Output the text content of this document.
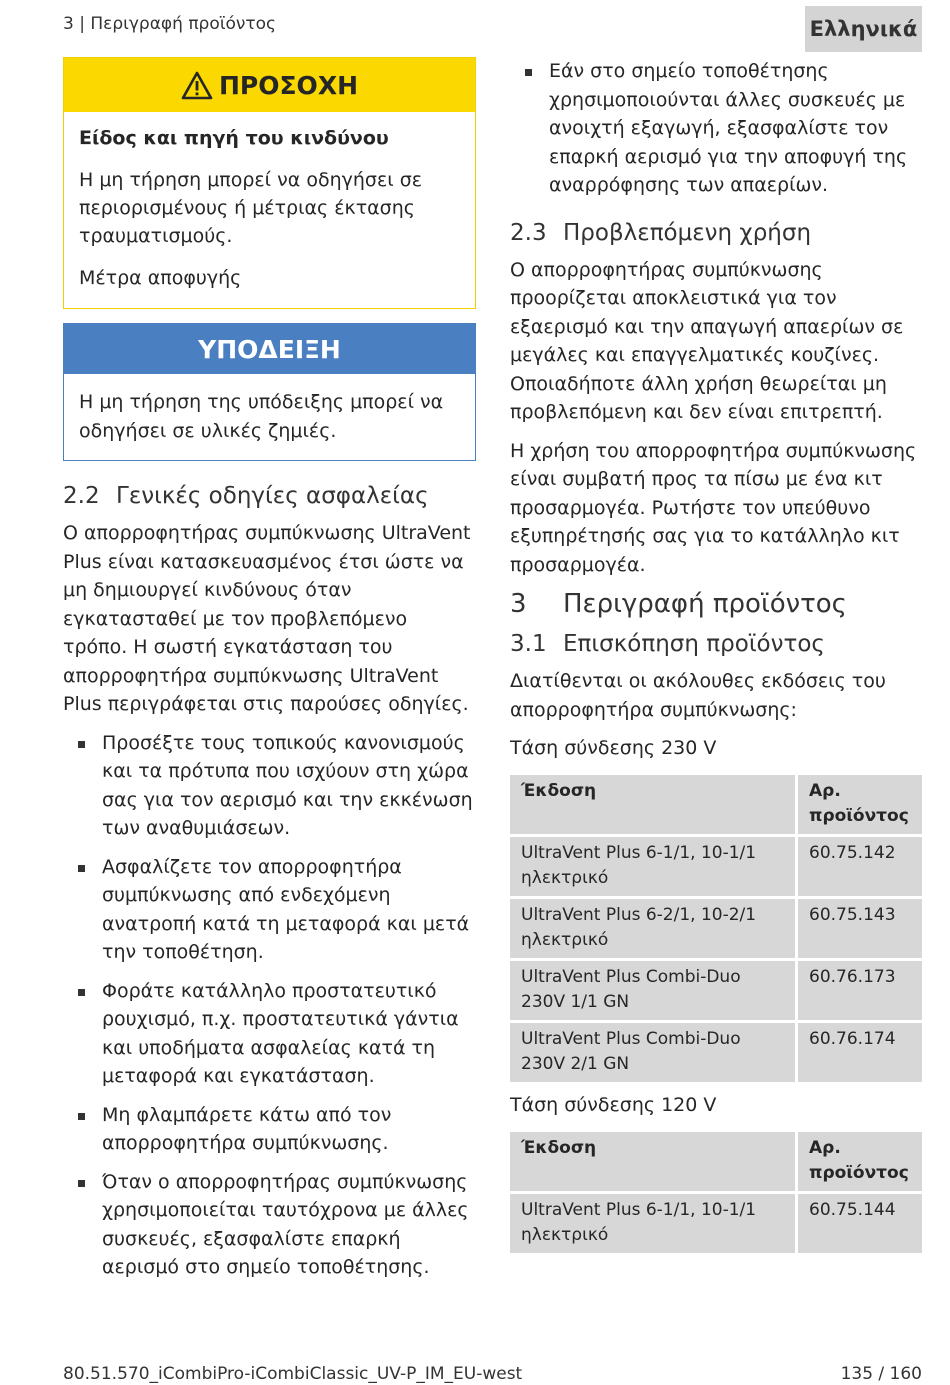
3 | Περιγραφή προϊόντος	Ελληνικά
ΠΡΟΣΟΧΗ

Είδος και πηγή του κινδύνου

Η μη τήρηση μπορεί να οδηγήσει σε περιορισμένους ή μέτριας έκτασης τραυματισμούς.

Μέτρα αποφυγής

ΥΠΟΔΕΙΞΗ
Η μη τήρηση της υπόδειξης μπορεί να οδηγήσει σε υλικές ζημιές.
2.2 Γενικές οδηγίες ασφαλείας

Ο απορροφητήρας συμπύκνωσης UltraVent Plus είναι κατασκευασμένος έτσι ώστε να μη δημιουργεί κινδύνους όταν εγκατασταθεί με τον προβλεπόμενο τρόπο. Η σωστή εγκατάσταση του απορροφητήρα συμπύκνωσης UltraVent Plus περιγράφεται στις παρούσες οδηγίες.

Προσέξτε τους τοπικούς κανονισμούς και τα πρότυπα που ισχύουν στη χώρα σας για τον αερισμό και την εκκένωση των αναθυμιάσεων.
Ασφαλίζετε τον απορροφητήρα συμπύκνωσης από ενδεχόμενη ανατροπή κατά τη μεταφορά και μετά την τοποθέτηση.
Φοράτε κατάλληλο προστατευτικό ρουχισμό, π.χ. προστατευτικά γάντια και υποδήματα ασφαλείας κατά τη μεταφορά και εγκατάσταση.
Μη φλαμπάρετε κάτω από τον απορροφητήρα συμπύκνωσης.
Όταν ο απορροφητήρας συμπύκνωσης χρησιμοποιείται ταυτόχρονα με άλλες συσκευές, εξασφαλίστε επαρκή αερισμό στο σημείο τοποθέτησης.
Εάν στο σημείο τοποθέτησης χρησιμοποιούνται άλλες συσκευές με ανοιχτή εξαγωγή, εξασφαλίστε τον επαρκή αερισμό για την αποφυγή της αναρρόφησης των απαερίων.
2.3 Προβλεπόμενη χρήση

Ο απορροφητήρας συμπύκνωσης προορίζεται αποκλειστικά για τον εξαερισμό και την απαγωγή απαερίων σε μεγάλες και επαγγελματικές κουζίνες. Οποιαδήποτε άλλη χρήση θεωρείται μη προβλεπόμενη και δεν είναι επιτρεπτή.

Η χρήση του απορροφητήρα συμπύκνωσης είναι συμβατή προς τα πίσω με ένα κιτ προσαρμογέα. Ρωτήστε τον υπεύθυνο εξυπηρέτησής σας για το κατάλληλο κιτ προσαρμογέα.

3 Περιγραφή προϊόντος
3.1 Επισκόπηση προϊόντος

Διατίθενται οι ακόλουθες εκδόσεις του απορροφητήρα συμπύκνωσης:

Τάση σύνδεσης 230 V
Έκδοση	Αρ. προϊόντος
UltraVent Plus 6-1/1, 10-1/1 ηλεκτρικό	60.75.142
UltraVent Plus 6-2/1, 10-2/1 ηλεκτρικό	60.75.143
UltraVent Plus Combi-Duo 230V 1/1 GN	60.76.173
UltraVent Plus Combi-Duo 230V 2/1 GN	60.76.174
Τάση σύνδεσης 120 V
Έκδοση	Αρ. προϊόντος
UltraVent Plus 6-1/1, 10-1/1 ηλεκτρικό	60.75.144
80.51.570_iCombiPro-iCombiClassic_UV-P_IM_EU-west	135 / 160
